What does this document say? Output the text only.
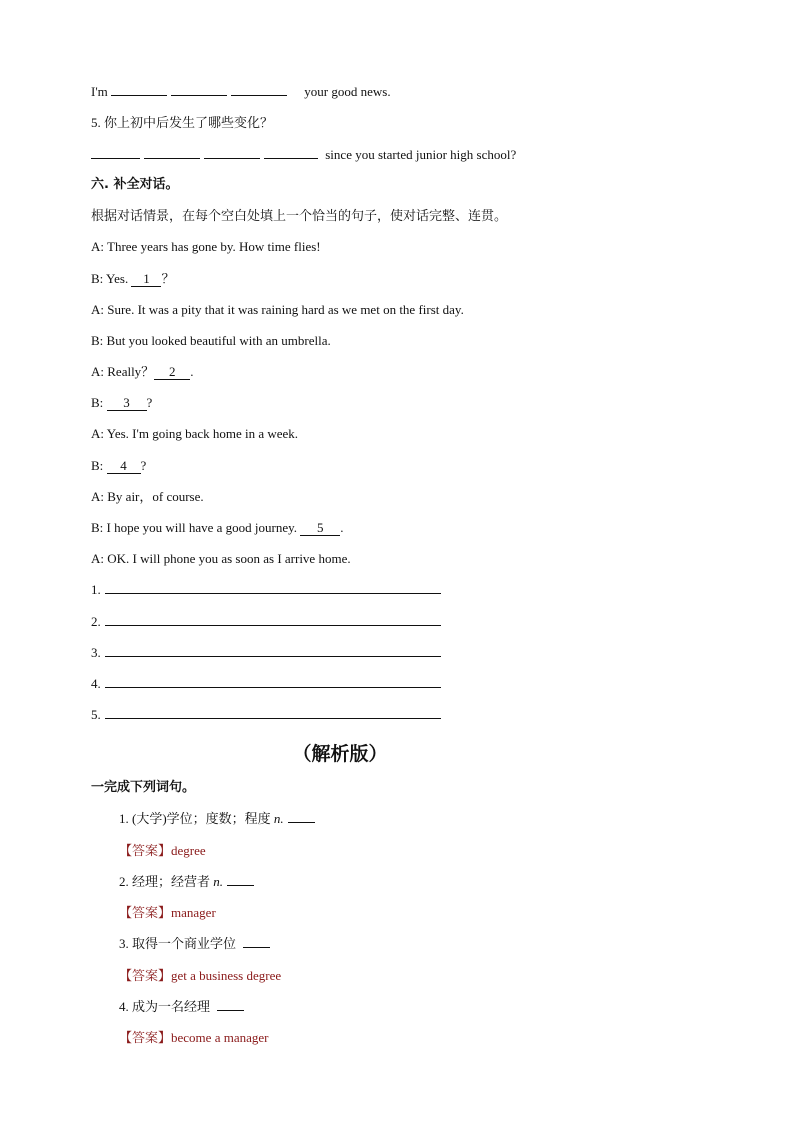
I'm	your good news.
5. 你上初中后发生了哪些变化？
since you started junior high school?
六. 补全对话。
根据对话情景，在每个空白处填上一个恰当的句子，使对话完整、连贯。
A: Three years has gone by. How time flies!
B: Yes. 1 ？
A: Sure. It was a pity that it was raining hard as we met on the first day.
B: But you looked beautiful with an umbrella.
A: Really？ 2 .
B: 3 ?
A: Yes. I'm going back home in a week.
B: 4 ?
A: By air，of course.
B: I hope you will have a good journey. 5 .
A: OK. I will phone you as soon as I arrive home.
1.
2.
3.
4.
5.
（解析版）
一完成下列词句。
1. (大学)学位；度数；程度 n.
【答案】degree
2. 经理；经营者 n.
【答案】manager
3. 取得一个商业学位
【答案】get a business degree
4. 成为一名经理
【答案】become a manager
